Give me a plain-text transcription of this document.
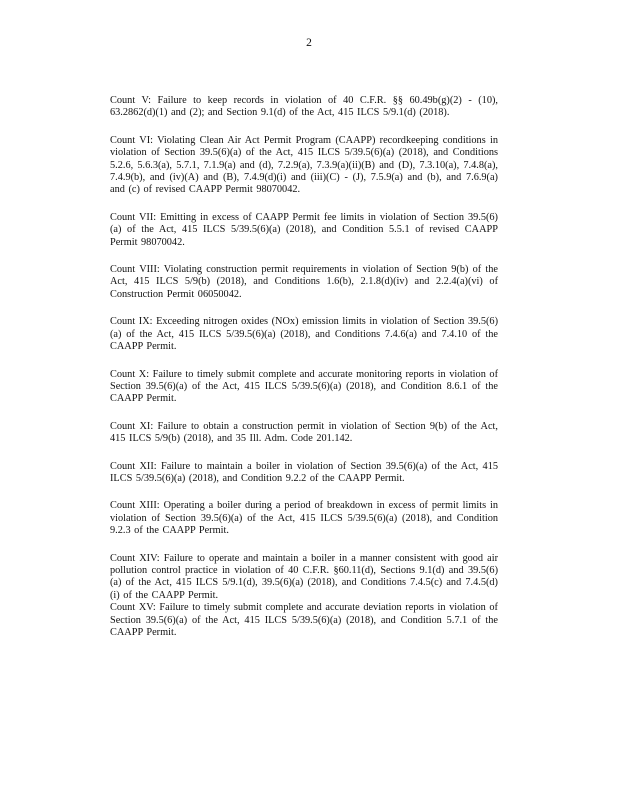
2

Count V: Failure to keep records in violation of 40 C.F.R. §§ 60.49b(g)(2) - (10), 63.2862(d)(1) and (2); and Section 9.1(d) of the Act, 415 ILCS 5/9.1(d) (2018).

Count VI: Violating Clean Air Act Permit Program (CAAPP) recordkeeping conditions in violation of Section 39.5(6)(a) of the Act, 415 ILCS 5/39.5(6)(a) (2018), and Conditions 5.2.6, 5.6.3(a), 5.7.1, 7.1.9(a) and (d), 7.2.9(a), 7.3.9(a)(ii)(B) and (D), 7.3.10(a), 7.4.8(a), 7.4.9(b), and (iv)(A) and (B), 7.4.9(d)(i) and (iii)(C) - (J), 7.5.9(a) and (b), and 7.6.9(a) and (c) of revised CAAPP Permit 98070042.

Count VII: Emitting in excess of CAAPP Permit fee limits in violation of Section 39.5(6)(a) of the Act, 415 ILCS 5/39.5(6)(a) (2018), and Condition 5.5.1 of revised CAAPP Permit 98070042.

Count VIII: Violating construction permit requirements in violation of Section 9(b) of the Act, 415 ILCS 5/9(b) (2018), and Conditions 1.6(b), 2.1.8(d)(iv) and 2.2.4(a)(vi) of Construction Permit 06050042.

Count IX: Exceeding nitrogen oxides (NOx) emission limits in violation of Section 39.5(6)(a) of the Act, 415 ILCS 5/39.5(6)(a) (2018), and Conditions 7.4.6(a) and 7.4.10 of the CAAPP Permit.

Count X: Failure to timely submit complete and accurate monitoring reports in violation of Section 39.5(6)(a) of the Act, 415 ILCS 5/39.5(6)(a) (2018), and Condition 8.6.1 of the CAAPP Permit.

Count XI: Failure to obtain a construction permit in violation of Section 9(b) of the Act, 415 ILCS 5/9(b) (2018), and 35 Ill. Adm. Code 201.142.

Count XII: Failure to maintain a boiler in violation of Section 39.5(6)(a) of the Act, 415 ILCS 5/39.5(6)(a) (2018), and Condition 9.2.2 of the CAAPP Permit.

Count XIII: Operating a boiler during a period of breakdown in excess of permit limits in violation of Section 39.5(6)(a) of the Act, 415 ILCS 5/39.5(6)(a) (2018), and Condition 9.2.3 of the CAAPP Permit.

Count XIV: Failure to operate and maintain a boiler in a manner consistent with good air pollution control practice in violation of 40 C.F.R. §60.11(d), Sections 9.1(d) and 39.5(6)(a) of the Act, 415 ILCS 5/9.1(d), 39.5(6)(a) (2018), and Conditions 7.4.5(c) and 7.4.5(d)(i) of the CAAPP Permit.

Count XV: Failure to timely submit complete and accurate deviation reports in violation of Section 39.5(6)(a) of the Act, 415 ILCS 5/39.5(6)(a) (2018), and Condition 5.7.1 of the CAAPP Permit.
